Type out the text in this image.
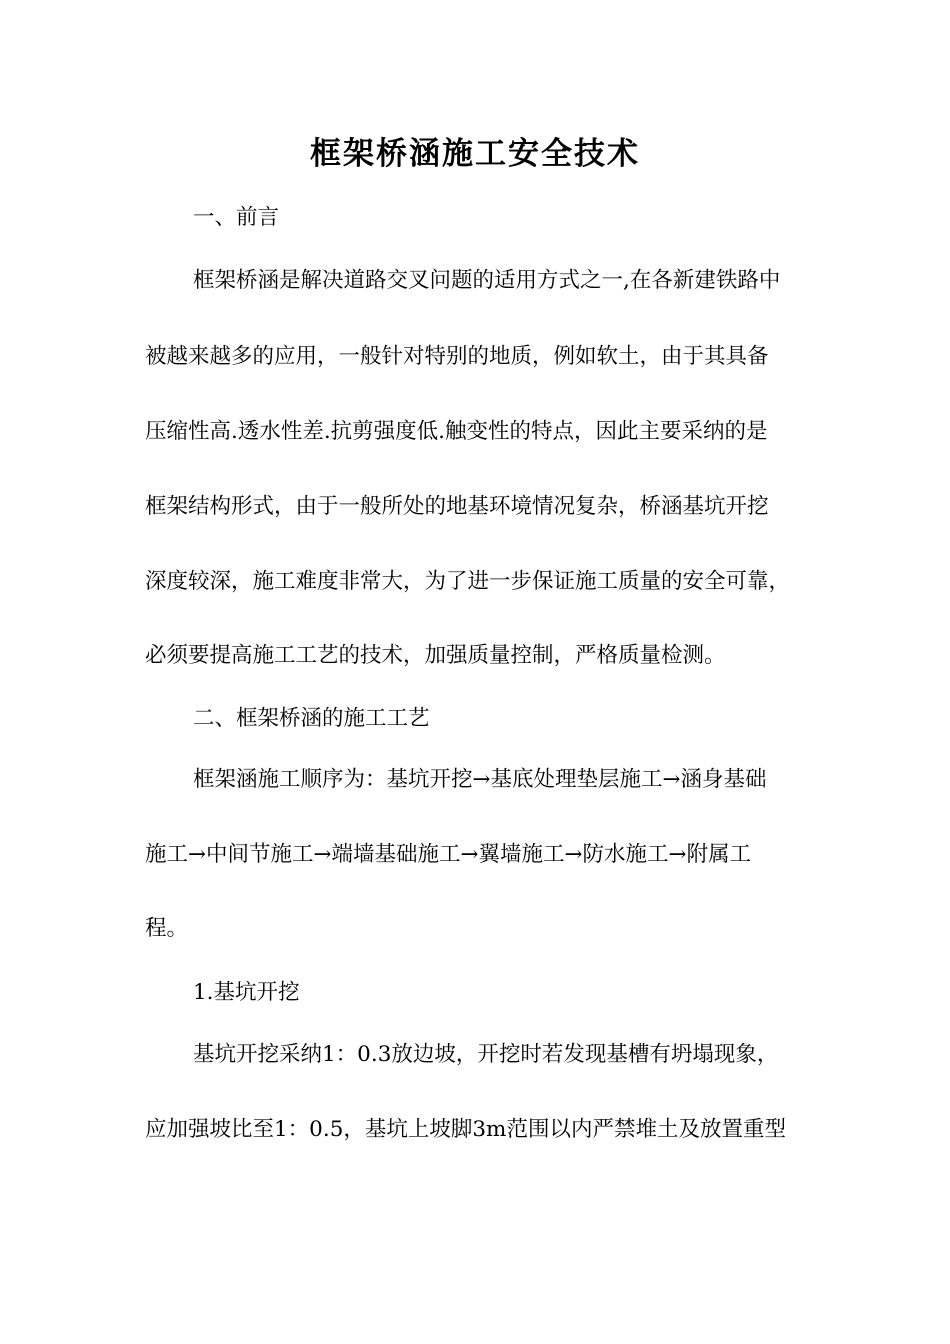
框架桥涵施工安全技术
一、前言
框架桥涵是解决道路交叉问题的适用方式之一,在各新建铁路中
被越来越多的应用，一般针对特别的地质，例如软土，由于其具备
压缩性高.透水性差.抗剪强度低.触变性的特点，因此主要采纳的是
框架结构形式，由于一般所处的地基环境情况复杂，桥涵基坑开挖
深度较深，施工难度非常大，为了进一步保证施工质量的安全可靠，
必须要提高施工工艺的技术，加强质量控制，严格质量检测。
二、框架桥涵的施工工艺
框架涵施工顺序为：基坑开挖→基底处理垫层施工→涵身基础
施工→中间节施工→端墙基础施工→翼墙施工→防水施工→附属工
程。
1.基坑开挖
基坑开挖采纳1：0.3放边坡，开挖时若发现基槽有坍塌现象，
应加强坡比至1：0.5，基坑上坡脚3m范围以内严禁堆土及放置重型
